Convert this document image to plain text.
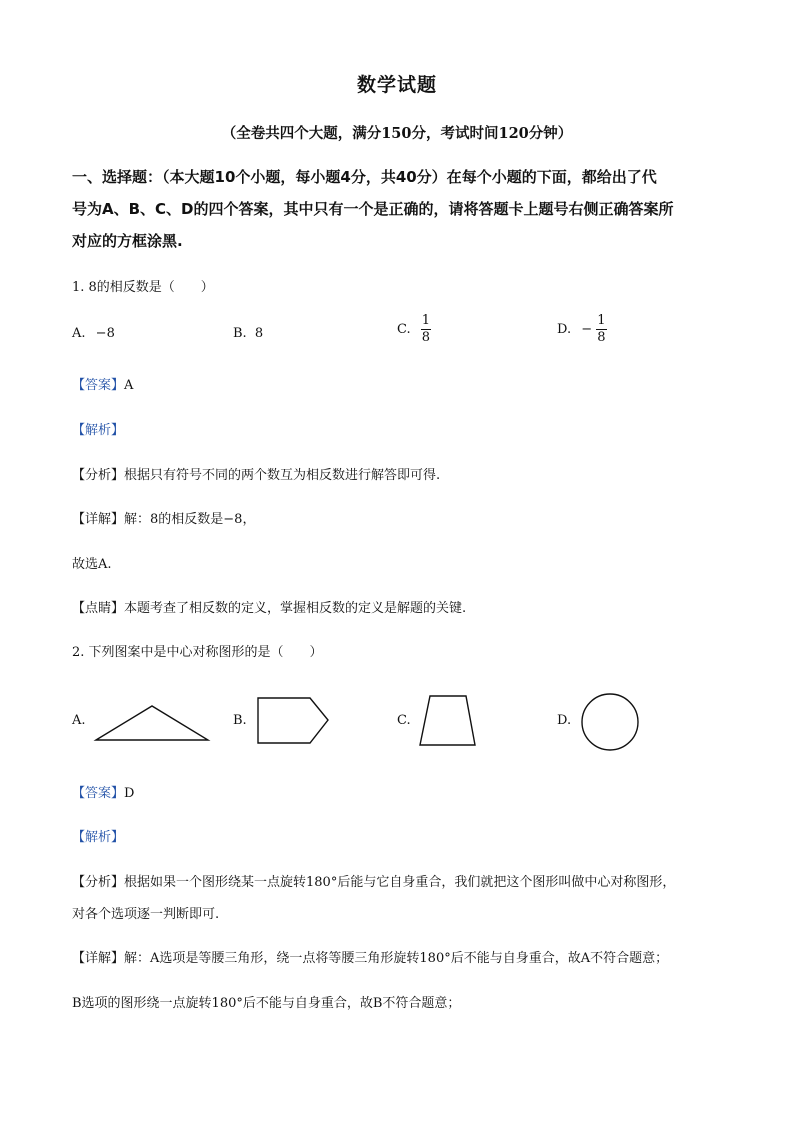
数学试题
（全卷共四个大题，满分150分，考试时间120分钟）
一、选择题：（本大题10个小题，每小题4分，共40分）在每个小题的下面，都给出了代
号为A、B、C、D的四个答案，其中只有一个是正确的，请将答题卡上题号右侧正确答案所
对应的方框涂黑.
1. 8的相反数是（　　）
A. −8	B. 8	C. $\frac{1}{8}$	D. − $\frac{1}{8}$
【答案】A
【解析】
【分析】根据只有符号不同的两个数互为相反数进行解答即可得.
【详解】解：8的相反数是−8，
故选A.
【点睛】本题考查了相反数的定义，掌握相反数的定义是解题的关键.
2. 下列图案中是中心对称图形的是（　　）
A.	B.	C.	D.
【答案】D
【解析】
【分析】根据如果一个图形绕某一点旋转180°后能与它自身重合，我们就把这个图形叫做中心对称图形，
对各个选项逐一判断即可.
【详解】解：A选项是等腰三角形，绕一点将等腰三角形旋转180°后不能与自身重合，故A不符合题意；
B选项的图形绕一点旋转180°后不能与自身重合，故B不符合题意；
